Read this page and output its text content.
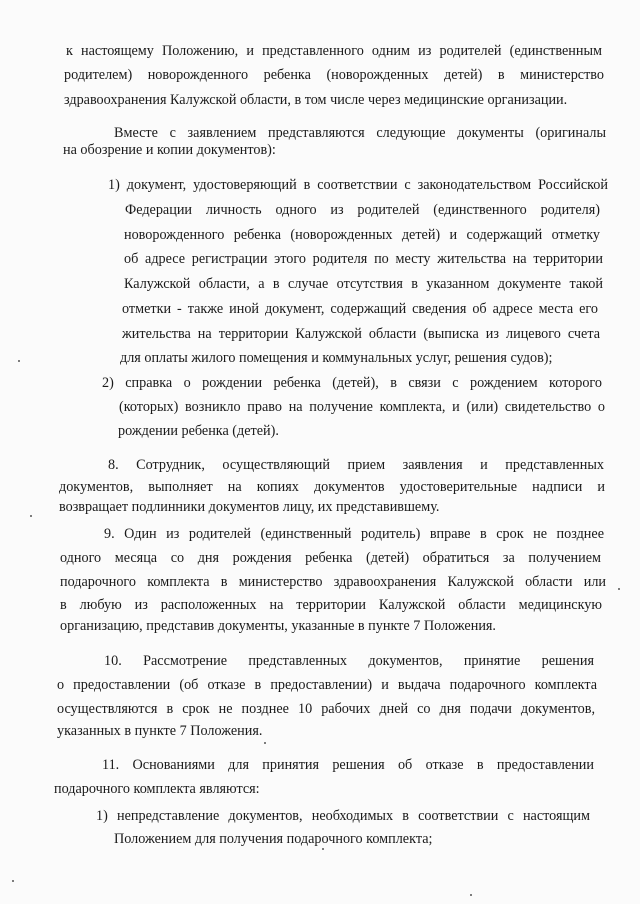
к настоящему Положению, и представленного одним из родителей (единственным
родителем) новорожденного ребенка (новорожденных детей) в министерство
здравоохранения Калужской области, в том числе через медицинские организации.
Вместе с заявлением представляются следующие документы (оригиналы
на обозрение и копии документов):
1) документ, удостоверяющий в соответствии с законодательством Российской
Федерации личность одного из родителей (единственного родителя)
новорожденного ребенка (новорожденных детей) и содержащий отметку
об адресе регистрации этого родителя по месту жительства на территории
Калужской области, а в случае отсутствия в указанном документе такой
отметки - также иной документ, содержащий сведения об адресе места его
жительства на территории Калужской области (выписка из лицевого счета
для оплаты жилого помещения и коммунальных услуг, решения судов);
2) справка о рождении ребенка (детей), в связи с рождением которого
(которых) возникло право на получение комплекта, и (или) свидетельство о
рождении ребенка (детей).
8. Сотрудник, осуществляющий прием заявления и представленных
документов, выполняет на копиях документов удостоверительные надписи и
возвращает подлинники документов лицу, их представившему.
9. Один из родителей (единственный родитель) вправе в срок не позднее
одного месяца со дня рождения ребенка (детей) обратиться за получением
подарочного комплекта в министерство здравоохранения Калужской области или
в любую из расположенных на территории Калужской области медицинскую
организацию, представив документы, указанные в пункте 7 Положения.
10. Рассмотрение представленных документов, принятие решения
о предоставлении (об отказе в предоставлении) и выдача подарочного комплекта
осуществляются в срок не позднее 10 рабочих дней со дня подачи документов,
указанных в пункте 7 Положения.
11. Основаниями для принятия решения об отказе в предоставлении
подарочного комплекта являются:
1) непредставление документов, необходимых в соответствии с настоящим
Положением для получения подарочного комплекта;
